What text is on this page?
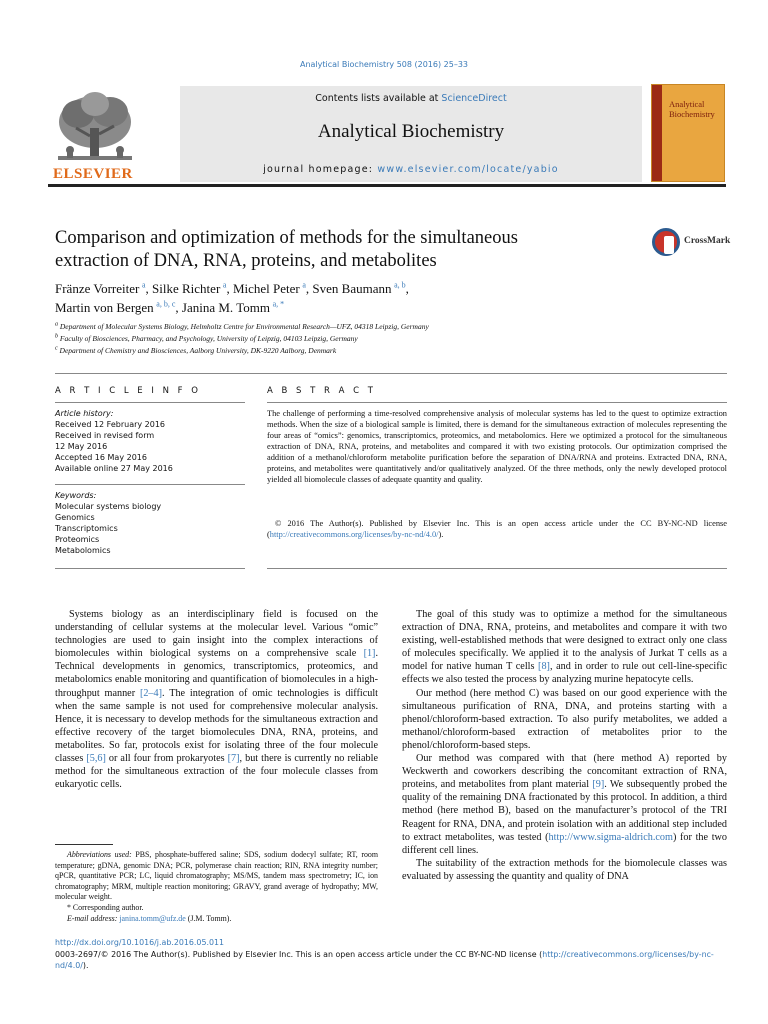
Analytical Biochemistry 508 (2016) 25–33
ELSEVIER
Contents lists available at ScienceDirect
Analytical Biochemistry
journal homepage: www.elsevier.com/locate/yabio
Analytical
Biochemistry
Comparison and optimization of methods for the simultaneous
extraction of DNA, RNA, proteins, and metabolites
CrossMark
Fränze Vorreiter  $^a$, Silke Richter  $^a$, Michel Peter  $^a$, Sven Baumann  $^{a, b}$,
Martin von Bergen  $^{a, b, c}$, Janina M. Tomm  $^{a, *}$
$^a$ Department of Molecular Systems Biology, Helmholtz Centre for Environmental Research—UFZ, 04318 Leipzig, Germany
$^b$ Faculty of Biosciences, Pharmacy, and Psychology, University of Leipzig, 04103 Leipzig, Germany
$^c$ Department of Chemistry and Biosciences, Aalborg University, DK-9220 Aalborg, Denmark
A R T I C L E I N F O	A B S T R A C T
Article history:
Received 12 February 2016
Received in revised form
12 May 2016
Accepted 16 May 2016
Available online 27 May 2016
Keywords:
Molecular systems biology
Genomics
Transcriptomics
Proteomics
Metabolomics
The challenge of performing a time-resolved comprehensive analysis of molecular systems has led to the quest to optimize extraction methods. When the size of a biological sample is limited, there is demand for the simultaneous extraction of molecules representing the four areas of “omics”: genomics, transcriptomics, proteomics, and metabolomics. Here we optimized a protocol for the simultaneous extraction of DNA, RNA, proteins, and metabolites and compared it with two existing protocols. Our optimization comprised the addition of a methanol/chloroform metabolite purification before the separation of DNA/RNA and proteins. Extracted DNA, RNA, proteins, and metabolites were quantitatively and/or qualitatively analyzed. Of the three methods, only the newly developed protocol yielded all biomolecule classes of adequate quantity and quality.
© 2016 The Author(s). Published by Elsevier Inc. This is an open access article under the CC BY-NC-ND license (http://creativecommons.org/licenses/by-nc-nd/4.0/).

Systems biology as an interdisciplinary field is focused on the understanding of cellular systems at the molecular level. Various “omic” technologies are used to gain insight into the complex interactions of biomolecules within biological systems on a comprehensive scale [1]. Technical developments in genomics, transcriptomics, proteomics, and metabolomics enable monitoring and quantification of biomolecules in a high-throughput manner [2–4]. The integration of omic technologies is difficult when the same sample is not used for comprehensive molecular analysis. Hence, it is necessary to develop methods for the simultaneous extraction and effective recovery of the target biomolecules DNA, RNA, proteins, and metabolites. So far, protocols exist for isolating three of the four molecule classes [5,6] or all four from prokaryotes [7], but there is currently no reliable method for the simultaneous extraction of the four molecule classes from eukaryotic cells.

The goal of this study was to optimize a method for the simultaneous extraction of DNA, RNA, proteins, and metabolites and compare it with two existing, well-established methods that were designed to extract only one class of molecules specifically. We applied it to the analysis of Jurkat T cells as a model for native human T cells [8], and in order to rule out cell-line-specific effects we also tested the process by analyzing murine hepatocyte cells.

Our method (here method C) was based on our good experience with the simultaneous purification of RNA, DNA, and proteins starting with a phenol/chloroform-based extraction. To also purify metabolites, we added a methanol/chloroform-based extraction of metabolites prior to the phenol/chloroform-based steps.

Our method was compared with that (here method A) reported by Weckwerth and coworkers describing the concomitant extraction of RNA, proteins, and metabolites from plant material [9]. We subsequently probed the quality of the remaining DNA fractionated by this protocol. In addition, a third method (here method B), based on the manufacturer’s protocol of the TRI Reagent for RNA, DNA, and protein isolation with an additional step included to extract metabolites, was tested (http://www.sigma-aldrich.com) for the two different cell lines.

The suitability of the extraction methods for the biomolecule classes was evaluated by assessing the quantity and quality of DNA

Abbreviations used: PBS, phosphate-buffered saline; SDS, sodium dodecyl sulfate; RT, room temperature; gDNA, genomic DNA; PCR, polymerase chain reaction; RIN, RNA integrity number; qPCR, quantitative PCR; LC, liquid chromatography; MS/MS, tandem mass spectrometry; IC, ion chromatography; MRM, multiple reaction monitoring; GRAVY, grand average of hydropathy; MW, molecular weight.

* Corresponding author.

E-mail address: janina.tomm@ufz.de (J.M. Tomm).

http://dx.doi.org/10.1016/j.ab.2016.05.011
0003-2697/© 2016 The Author(s). Published by Elsevier Inc. This is an open access article under the CC BY-NC-ND license (http://creativecommons.org/licenses/by-nc-nd/4.0/).
